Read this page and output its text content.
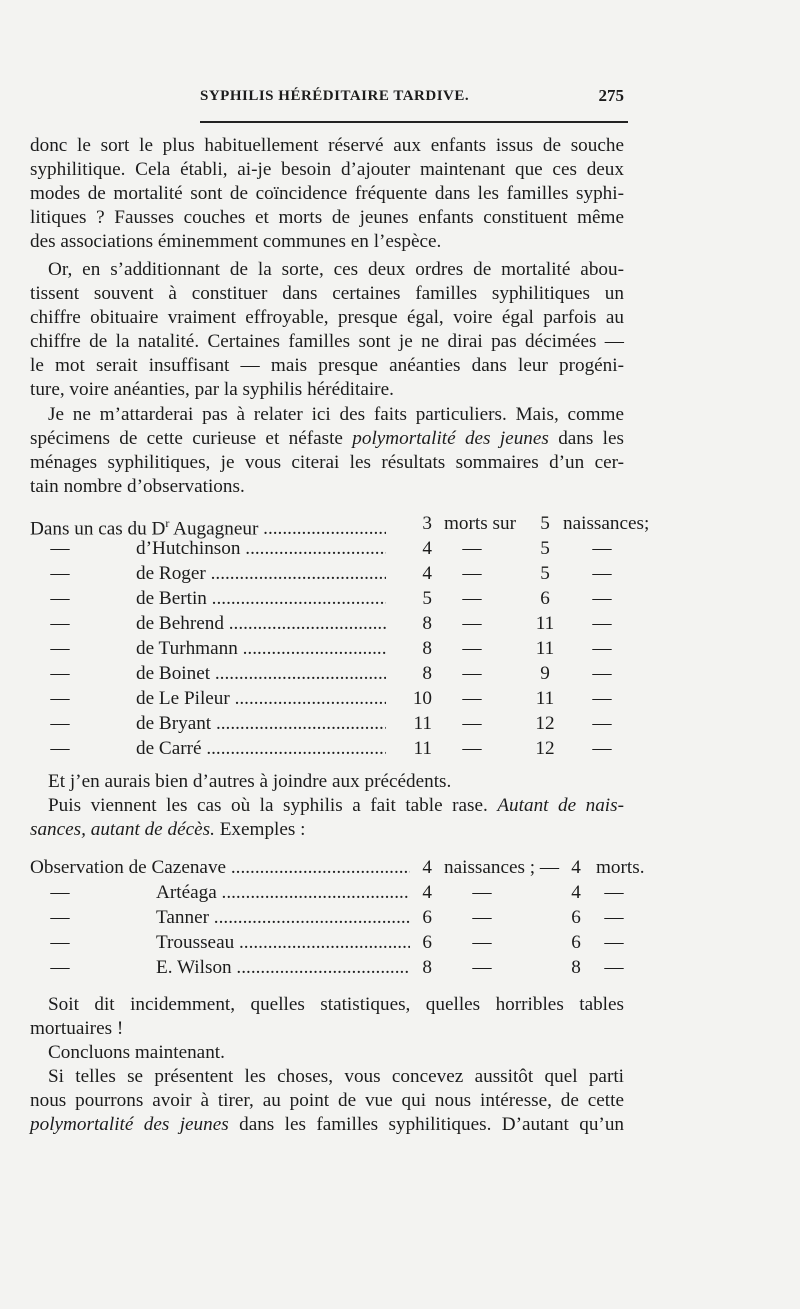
SYPHILIS HÉRÉDITAIRE TARDIVE.	275
donc le sort le plus habituellement réservé aux enfants issus de souche
syphilitique. Cela établi, ai-je besoin d’ajouter maintenant que ces deux
modes de mortalité sont de coïncidence fréquente dans les familles syphi-
litiques ? Fausses couches et morts de jeunes enfants constituent même
des associations éminemment communes en l’espèce.
Or, en s’additionnant de la sorte, ces deux ordres de mortalité abou-
tissent souvent à constituer dans certaines familles syphilitiques un
chiffre obituaire vraiment effroyable, presque égal, voire égal parfois au
chiffre de la natalité. Certaines familles sont je ne dirai pas décimées —
le mot serait insuffisant — mais presque anéanties dans leur progéni-
ture, voire anéanties, par la syphilis héréditaire.
Je ne m’attarderai pas à relater ici des faits particuliers. Mais, comme
spécimens de cette curieuse et néfaste polymortalité des jeunes dans les
ménages syphilitiques, je vous citerai les résultats sommaires d’un cer-
tain nombre d’observations.
Dans un cas du $D^r$ Augagneur .....	3 morts sur	5 naissances;
—	d’Hutchinson .....	4	—	5	—
—	de Roger .....	4	—	5	—
—	de Bertin .....	5	—	6	—
—	de Behrend .....	8	—	11	—
—	de Turhmann .....	8	—	11	—
—	de Boinet .....	8	—	9	—
—	de Le Pileur .....	10	—	11	—
—	de Bryant .....	11	—	12	—
—	de Carré .....	11	—	12	—
Et j’en aurais bien d’autres à joindre aux précédents.
Puis viennent les cas où la syphilis a fait table rase. Autant de nais-
sances, autant de décès. Exemples :
Observation de Cazenave .....	4 naissances ; — 4 morts.
—	Artéaga .....	4	—	4	—
—	Tanner .....	6	—	6	—
—	Trousseau .....	6	—	6	—
—	E. Wilson .....	8	—	8	—
Soit dit incidemment, quelles statistiques, quelles horribles tables
mortuaires !
Concluons maintenant.
Si telles se présentent les choses, vous concevez aussitôt quel parti
nous pourrons avoir à tirer, au point de vue qui nous intéresse, de cette
polymortalité des jeunes dans les familles syphilitiques. D’autant qu’un
